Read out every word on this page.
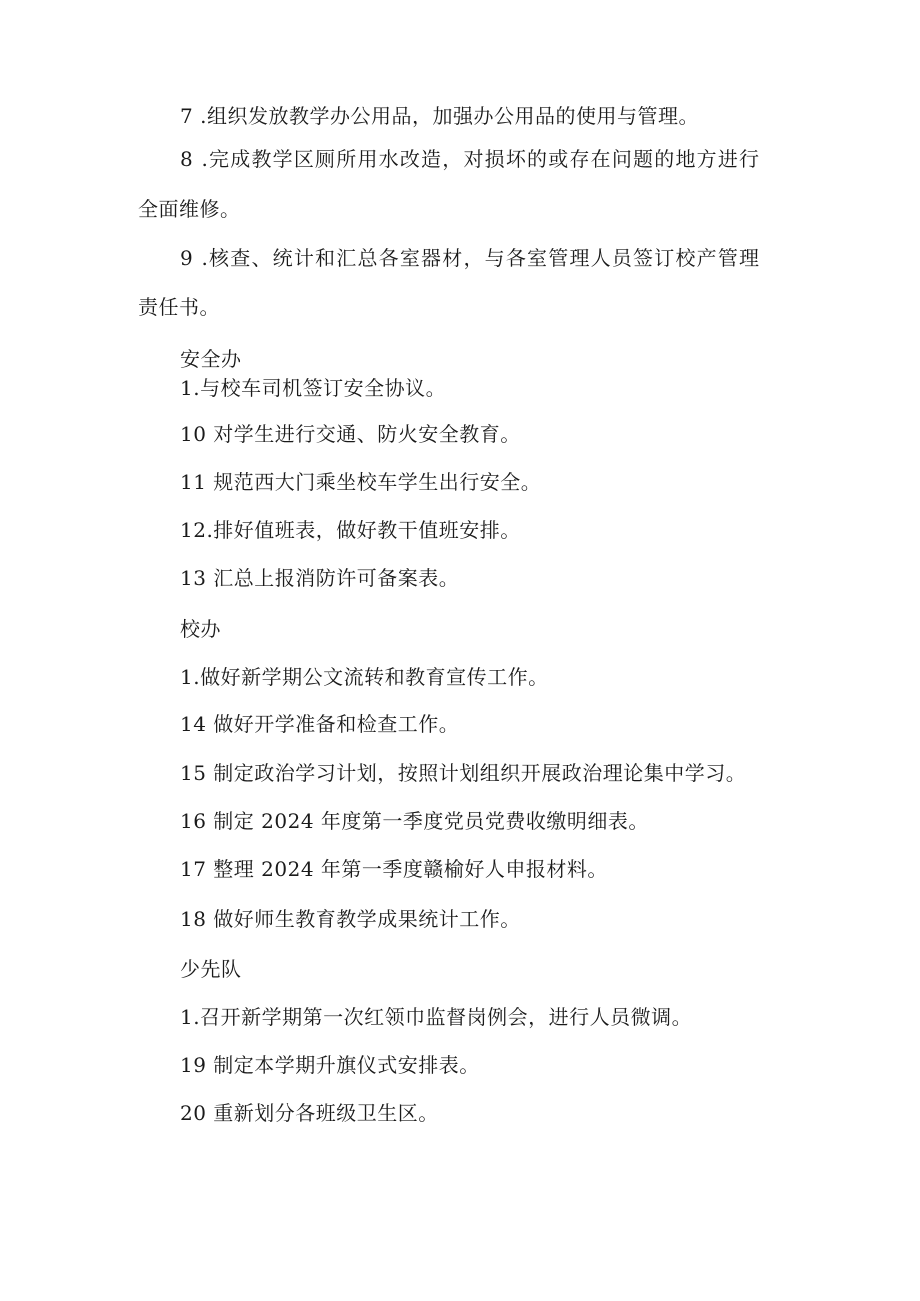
7 .组织发放教学办公用品，加强办公用品的使用与管理。

8 .完成教学区厕所用水改造，对损坏的或存在问题的地方进行

全面维修。

9 .核查、统计和汇总各室器材，与各室管理人员签订校产管理

责任书。

安全办

1.与校车司机签订安全协议。

10 对学生进行交通、防火安全教育。

11 规范西大门乘坐校车学生出行安全。

12.排好值班表，做好教干值班安排。

13 汇总上报消防许可备案表。

校办

1.做好新学期公文流转和教育宣传工作。

14 做好开学准备和检查工作。

15 制定政治学习计划，按照计划组织开展政治理论集中学习。

16 制定 2024 年度第一季度党员党费收缴明细表。

17 整理 2024 年第一季度赣榆好人申报材料。

18 做好师生教育教学成果统计工作。

少先队

1.召开新学期第一次红领巾监督岗例会，进行人员微调。

19 制定本学期升旗仪式安排表。

20 重新划分各班级卫生区。
